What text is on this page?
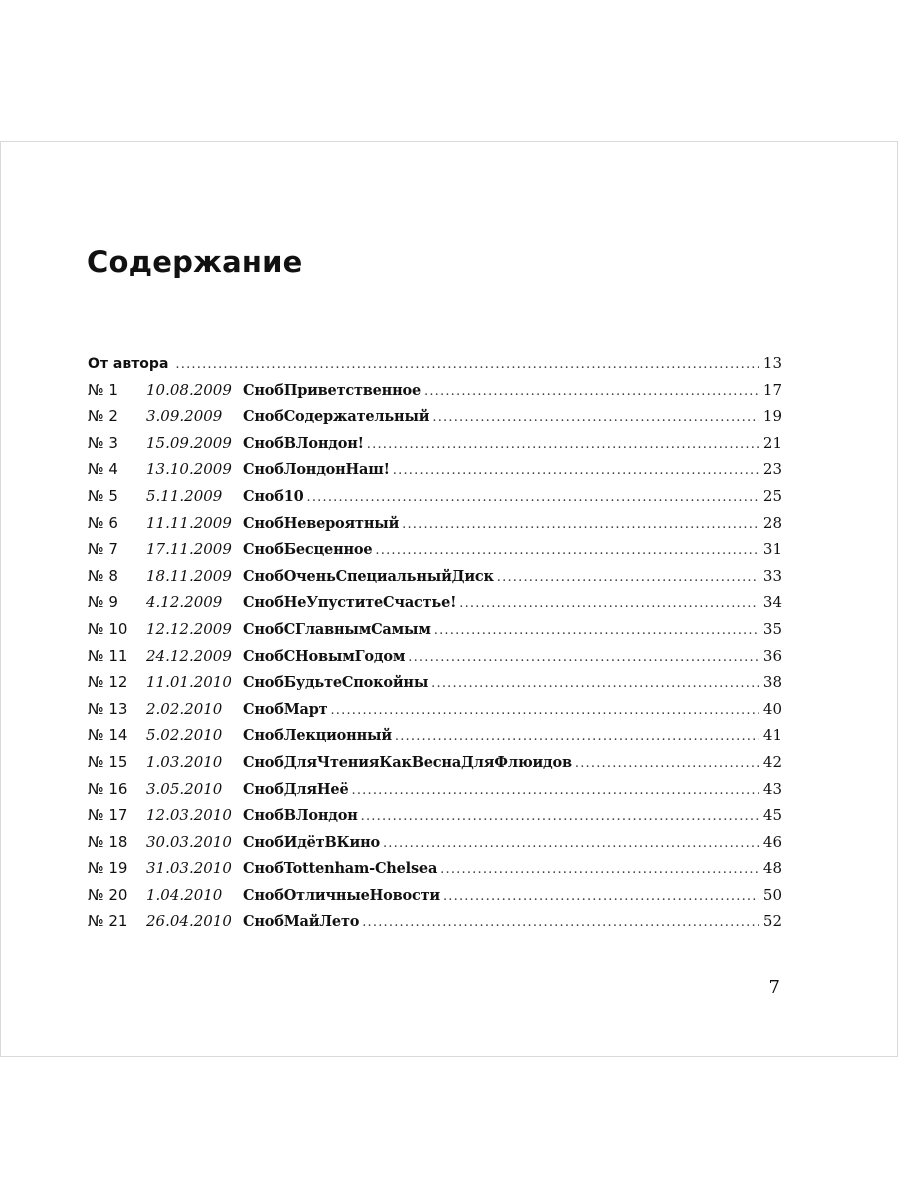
Содержание
От автора .....	13
№ 1	10.08.2009 СнобПриветственное .....	17
№ 2	3.09.2009	СнобСодержательный .....	19
№ 3	15.09.2009 СнобВЛондон! .....	21
№ 4	13.10.2009 СнобЛондонНаш! .....	23
№ 5	5.11.2009	Сноб10 .....	25
№ 6	11.11.2009 СнобНевероятный .....	28
№ 7	17.11.2009 СнобБесценное .....	31
№ 8	18.11.2009 СнобОченьСпециальныйДиск .....	33
№ 9	4.12.2009	СнобНеУпуститеСчастье! .....	34
№ 10	12.12.2009 СнобСГлавнымСамым .....	35
№ 11	24.12.2009 СнобСНовымГодом .....	36
№ 12	11.01.2010 СнобБудьтеСпокойны .....	38
№ 13	2.02.2010	СнобМарт .....	40
№ 14	5.02.2010	СнобЛекционный .....	41
№ 15	1.03.2010	СнобДляЧтенияКакВеснаДляФлюидов .....	42
№ 16	3.05.2010	СнобДляНеё .....	43
№ 17	12.03.2010 СнобВЛондон .....	45
№ 18	30.03.2010 СнобИдётВКино .....	46
№ 19	31.03.2010 СнобTottenham-Chelsea .....	48
№ 20	1.04.2010	СнобОтличныеНовости .....	50
№ 21	26.04.2010 СнобМайЛето .....	52
7
